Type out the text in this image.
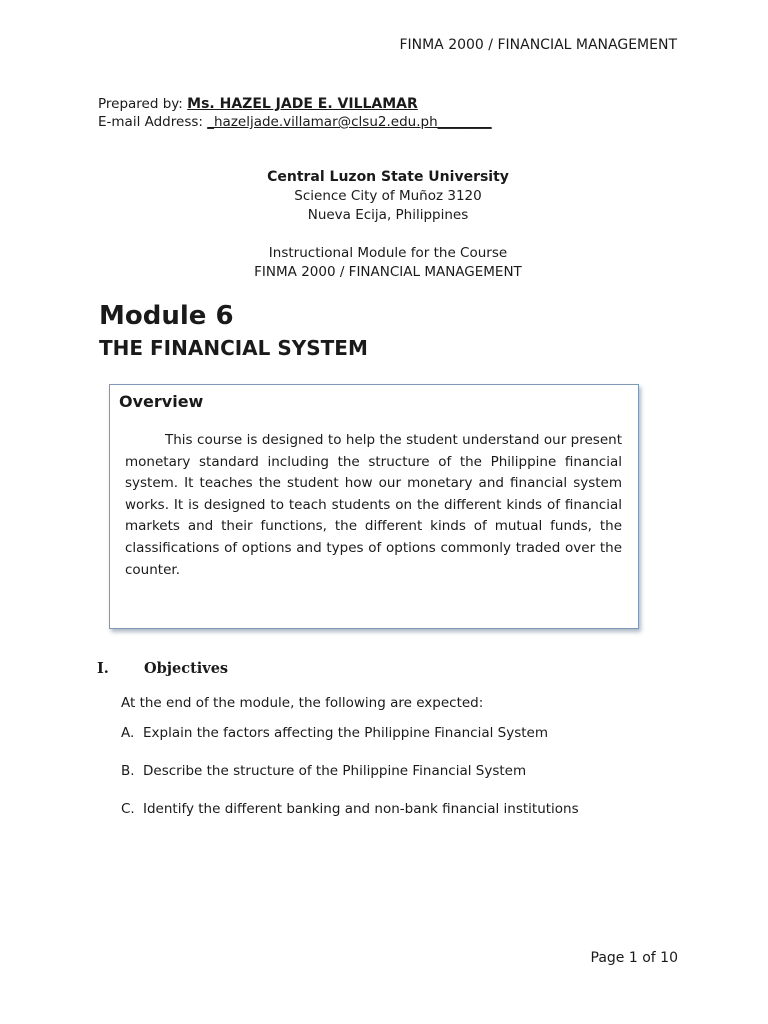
FINMA 2000 / FINANCIAL MANAGEMENT
Prepared by: Ms. HAZEL JADE E. VILLAMAR
E-mail Address: _hazeljade.villamar@clsu2.edu.ph________
Central Luzon State University
Science City of Muñoz 3120
Nueva Ecija, Philippines
Instructional Module for the Course
FINMA 2000 / FINANCIAL MANAGEMENT
Module 6
THE FINANCIAL SYSTEM
Overview
This course is designed to help the student understand our present monetary standard including the structure of the Philippine financial system. It teaches the student how our monetary and financial system works. It is designed to teach students on the different kinds of financial markets and their functions, the different kinds of mutual funds, the classifications of options and types of options commonly traded over the counter.
I. Objectives
At the end of the module, the following are expected:
A. Explain the factors affecting the Philippine Financial System
B. Describe the structure of the Philippine Financial System
C. Identify the different banking and non-bank financial institutions
Page 1 of 10
